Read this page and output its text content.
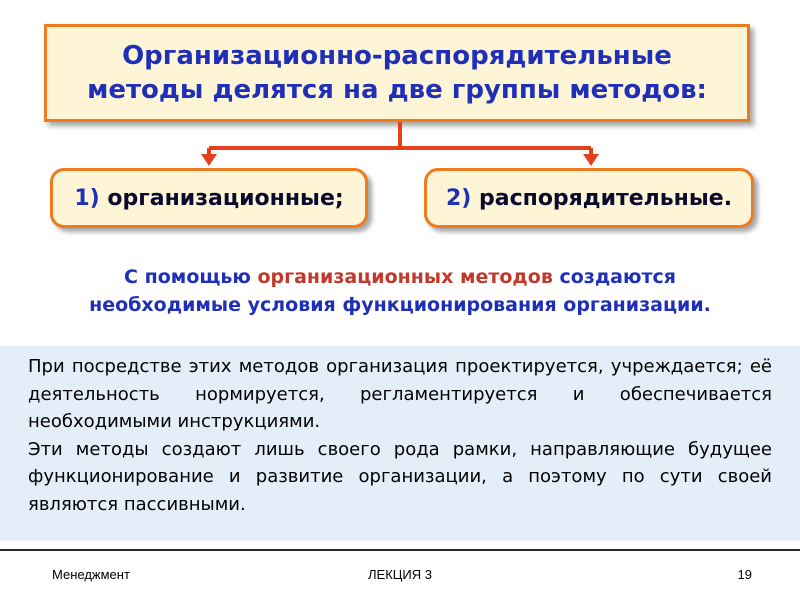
Организационно-распорядительные
методы делятся на две группы методов:
1)
организационные;	2)
распорядительные.
С помощью организационных методов создаются
необходимые условия функционирования организации.

При посредстве этих методов организация проектируется, учреждается; её деятельность нормируется, регламентируется и обеспечивается необходимыми инструкциями.

Эти методы создают лишь своего рода рамки, направляющие будущее функционирование и развитие организации, а поэтому по сути своей являются пассивными.

Менеджмент	ЛЕКЦИЯ 3	19
